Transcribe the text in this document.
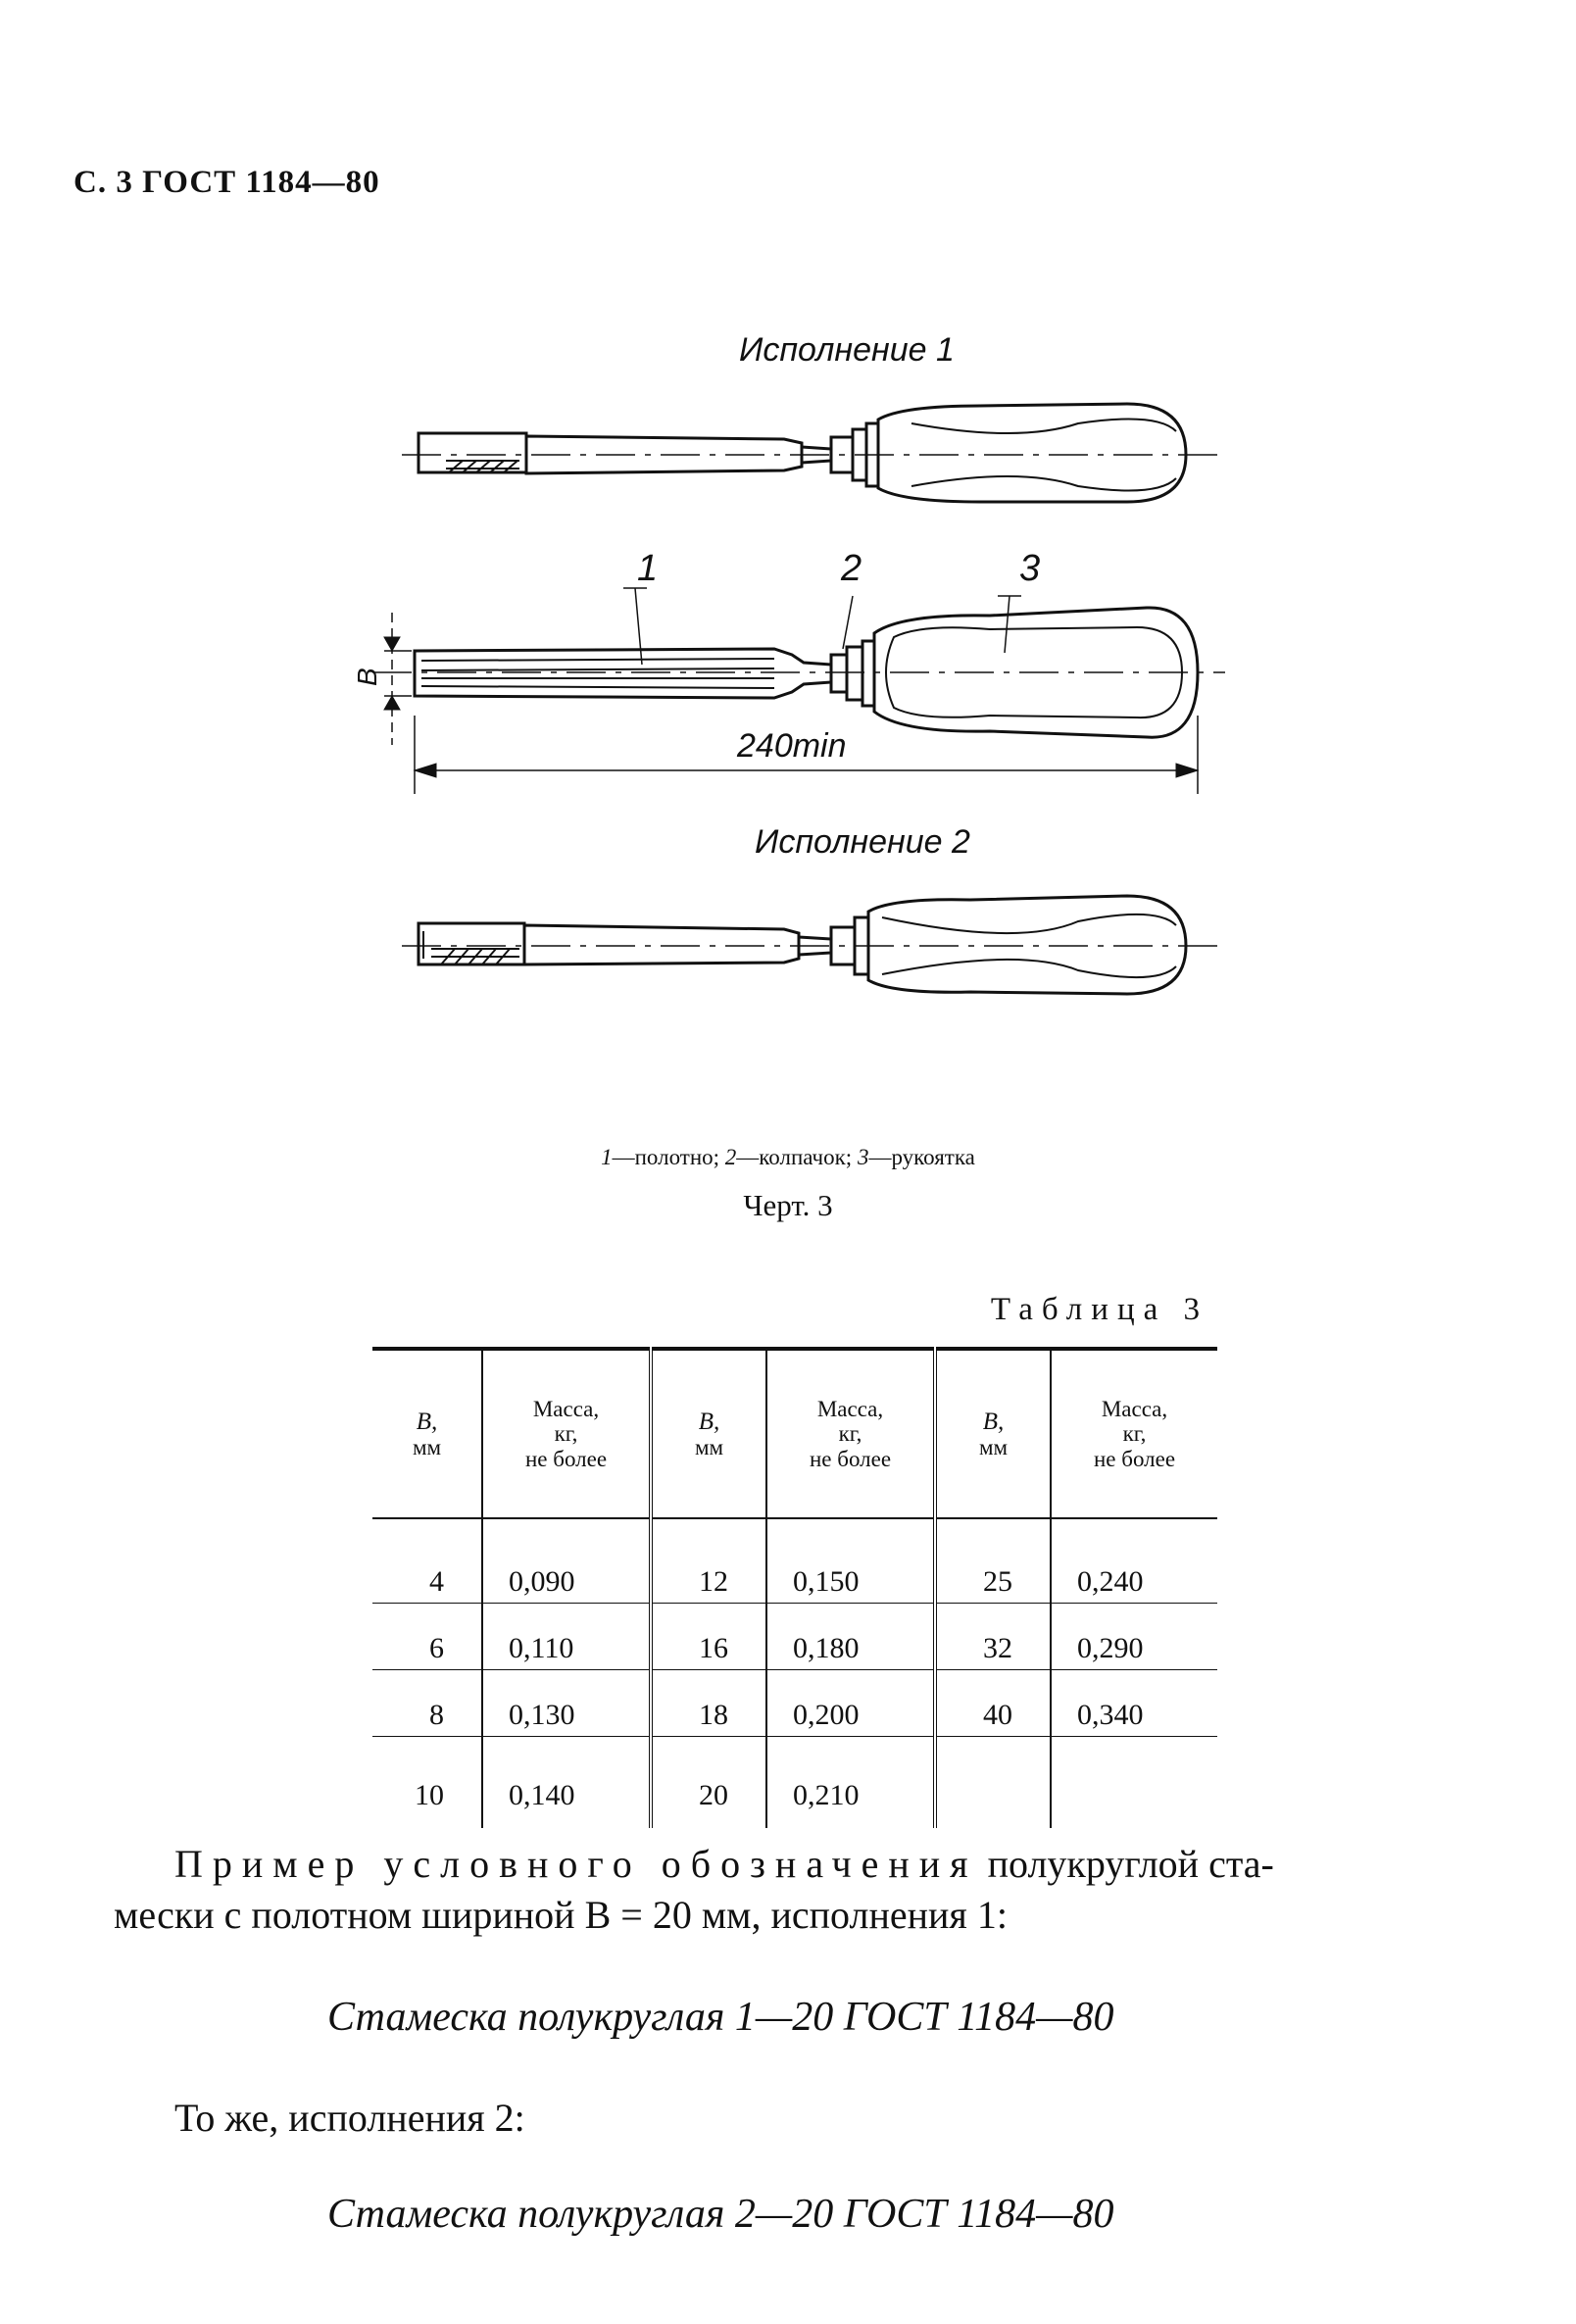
С. 3 ГОСТ 1184—80
Исполнение 1
Исполнение 2
1	2	3
240min
В
1—полотно; 2—колпачок; 3—рукоятка
Черт. 3
Таблица 3
В,
мм	Масса,
кг,
не более	В,
мм	Масса,
кг,
не более	В,
мм	Масса,
кг,
не более
4	0,090	12	0,150	25	0,240
6	0,110	16	0,180	32	0,290
8	0,130	18	0,200	40	0,340
10	0,140	20	0,210		
Пример условного обозначения полукруглой ста-
мески с полотном шириной В = 20 мм, исполнения 1:
Стамеска полукруглая 1—20 ГОСТ 1184—80
То же, исполнения 2:
Стамеска полукруглая 2—20 ГОСТ 1184—80
